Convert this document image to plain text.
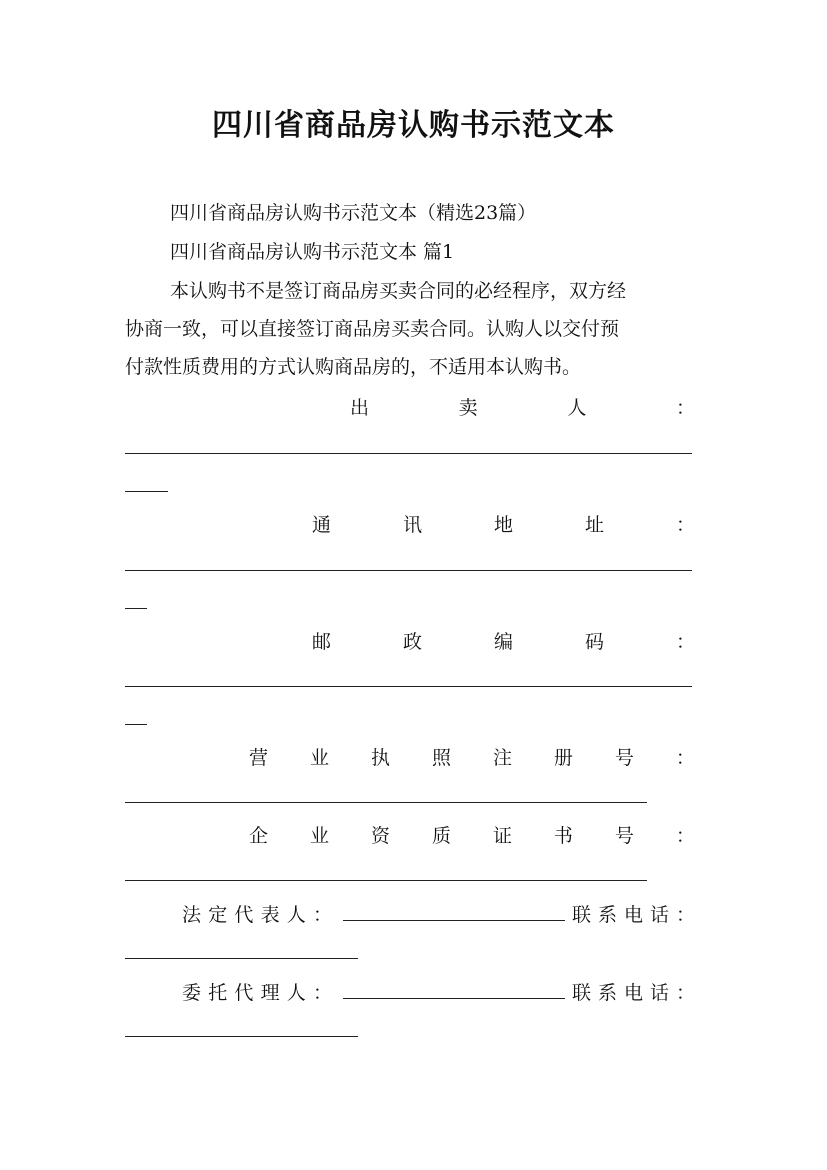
四川省商品房认购书示范文本
四川省商品房认购书示范文本（精选23篇）
四川省商品房认购书示范文本 篇1
本认购书不是签订商品房买卖合同的必经程序，双方经
协商一致，可以直接签订商品房买卖合同。认购人以交付预
付款性质费用的方式认购商品房的，不适用本认购书。
出	卖	人	：
通	讯	地	址	：
邮	政	编	码	：
营 业 执 照 注 册 号 ：
企 业 资 质 证 书 号 ：
法 定 代 表 人 ：	联 系 电 话 ：
委 托 代 理 人 ：	联 系 电 话 ：
